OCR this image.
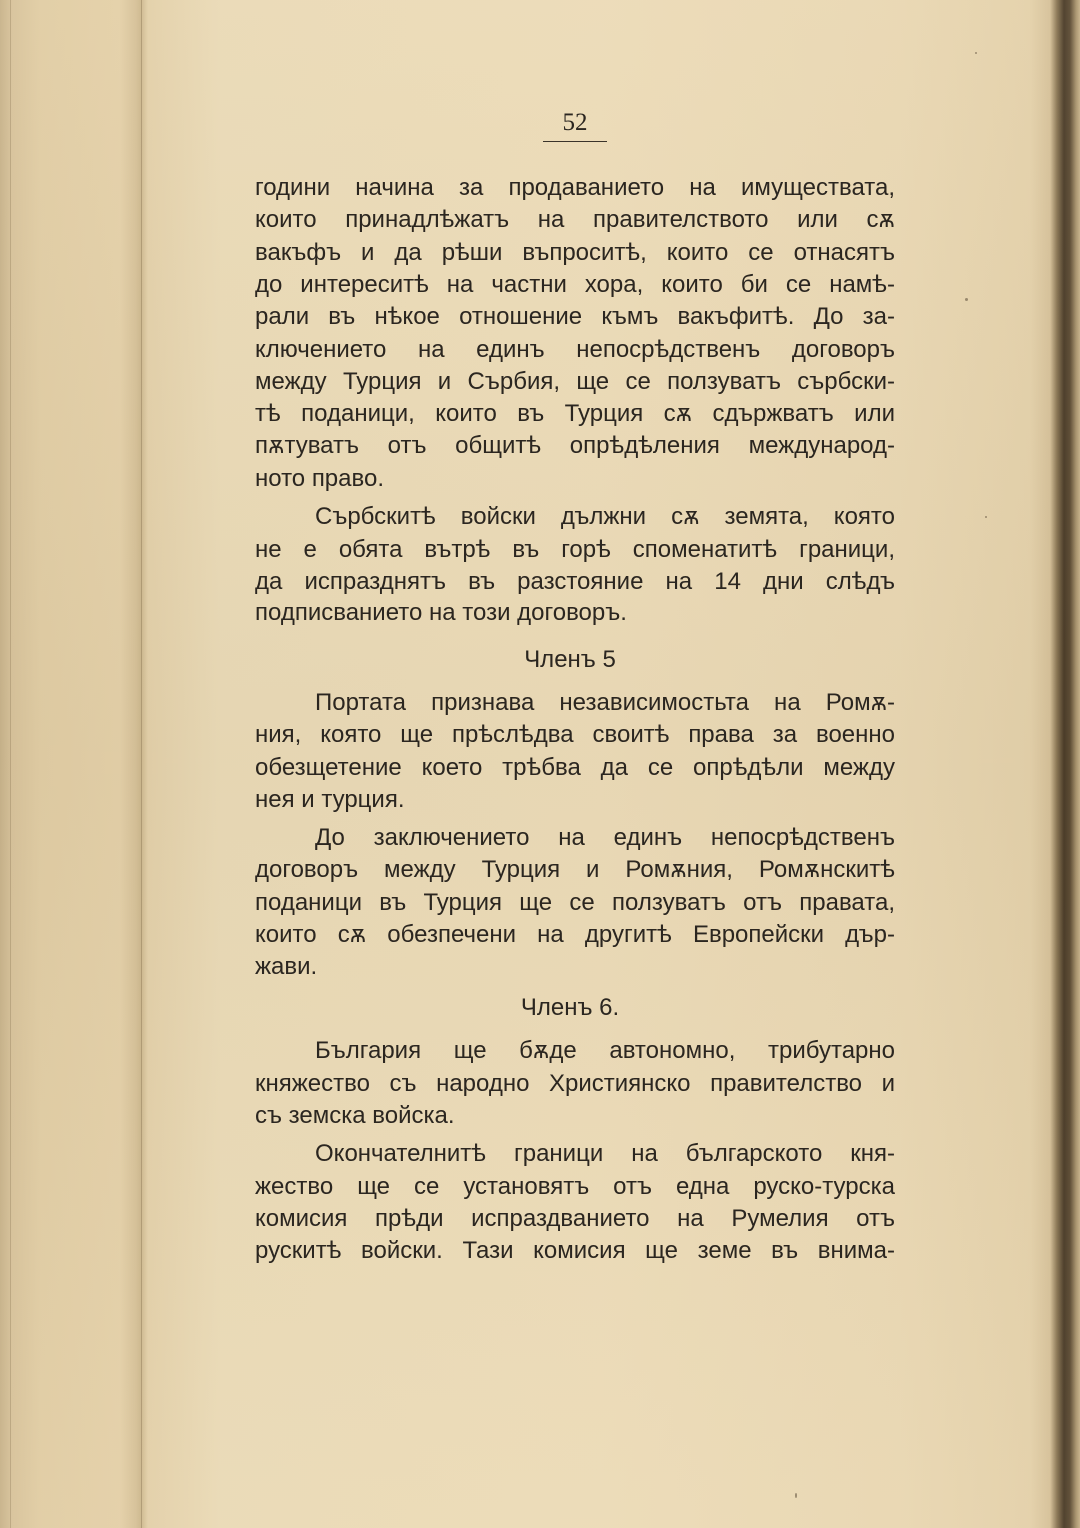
52
години начина за продаванието на имуществата,
които принадлѣжатъ на правителството или сѫ
вакъфъ и да рѣши въпроситѣ, които се отнасятъ
до интереситѣ на частни хора, които би се намѣ-
рали въ нѣкое отношение къмъ вакъфитѣ. До за-
ключението на единъ непосрѣдственъ договоръ
между Турция и Сърбия, ще се ползуватъ сърбски-
тѣ поданици, които въ Турция сѫ сдържватъ или
пѫтуватъ отъ общитѣ опрѣдѣления международ-
ното право.
Сърбскитѣ войски дължни сѫ земята, която
не е обята вътрѣ въ горѣ споменатитѣ граници,
да испразднятъ въ разстояние на 14 дни слѣдъ
подписванието на този договоръ.
Членъ 5
Портата признава независимостьта на Ромѫ-
ния, която ще прѣслѣдва своитѣ права за военно
обезщетение което трѣбва да се опрѣдѣли между
нея и турция.
До заключението на единъ непосрѣдственъ
договоръ между Турция и Ромѫния, Ромѫнскитѣ
поданици въ Турция ще се ползуватъ отъ правата,
които сѫ обезпечени на другитѣ Европейски дър-
жави.
Членъ 6.
България ще бѫде автономно, трибутарно
княжество съ народно Християнско правителство и
съ земска войска.
Окончателнитѣ граници на българското кня-
жество ще се установятъ отъ една руско-турска
комисия прѣди испраздванието на Румелия отъ
рускитѣ войски. Тази комисия ще земе въ внима-
